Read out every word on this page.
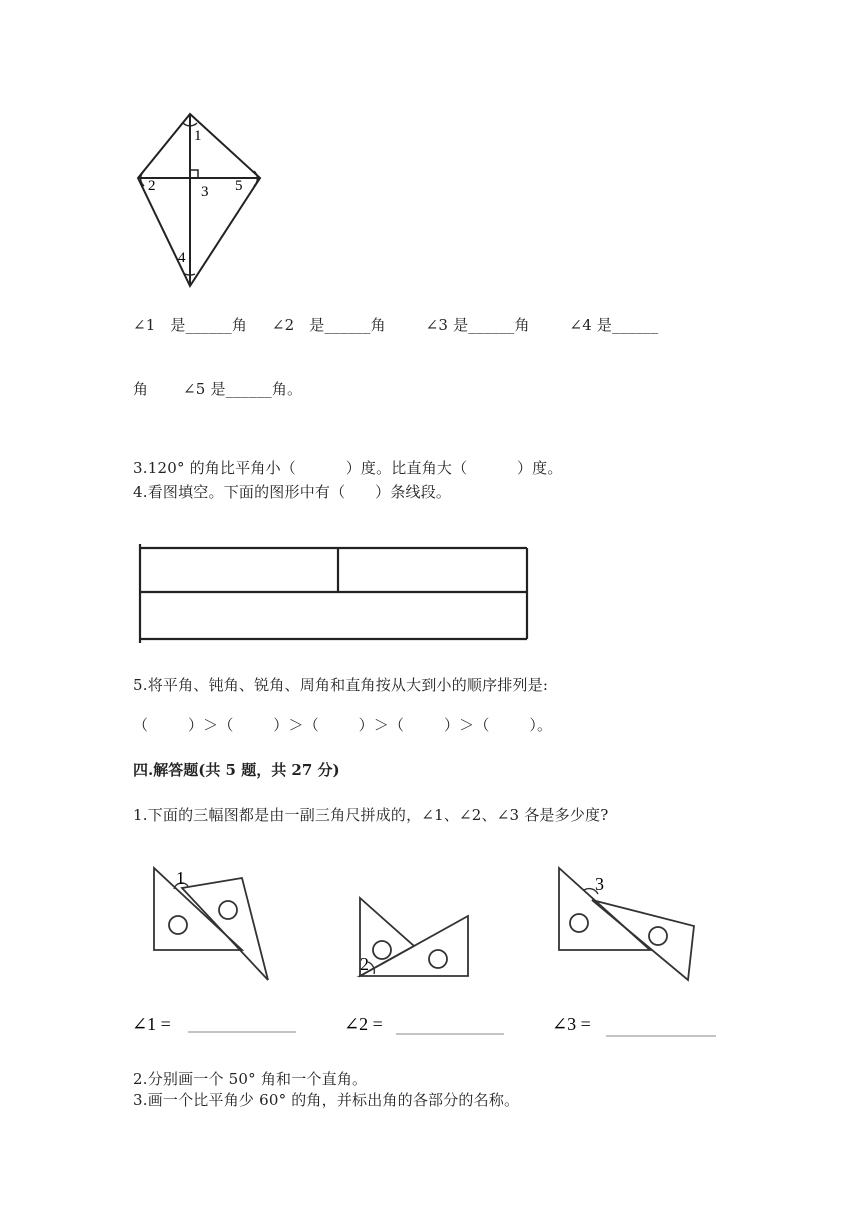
1
2	3
4
5
∠1   是______角     ∠2   是______角        ∠3 是______角        ∠4 是______
角       ∠5 是______角。
3.120° 的角比平角小（          ）度。比直角大（          ）度。
4.看图填空。下面的图形中有（      ）条线段。
5.将平角、钝角、锐角、周角和直角按从大到小的顺序排列是:
（        ）＞（        ）＞（        ）＞（        ）＞（        ）。
四.解答题(共 5 题，共 27 分)
1.下面的三幅图都是由一副三角尺拼成的，∠1、∠2、∠3 各是多少度?
1
∠1 =
2
∠2 =
3
∠3 =
2.分别画一个 50° 角和一个直角。
3.画一个比平角少 60° 的角，并标出角的各部分的名称。
